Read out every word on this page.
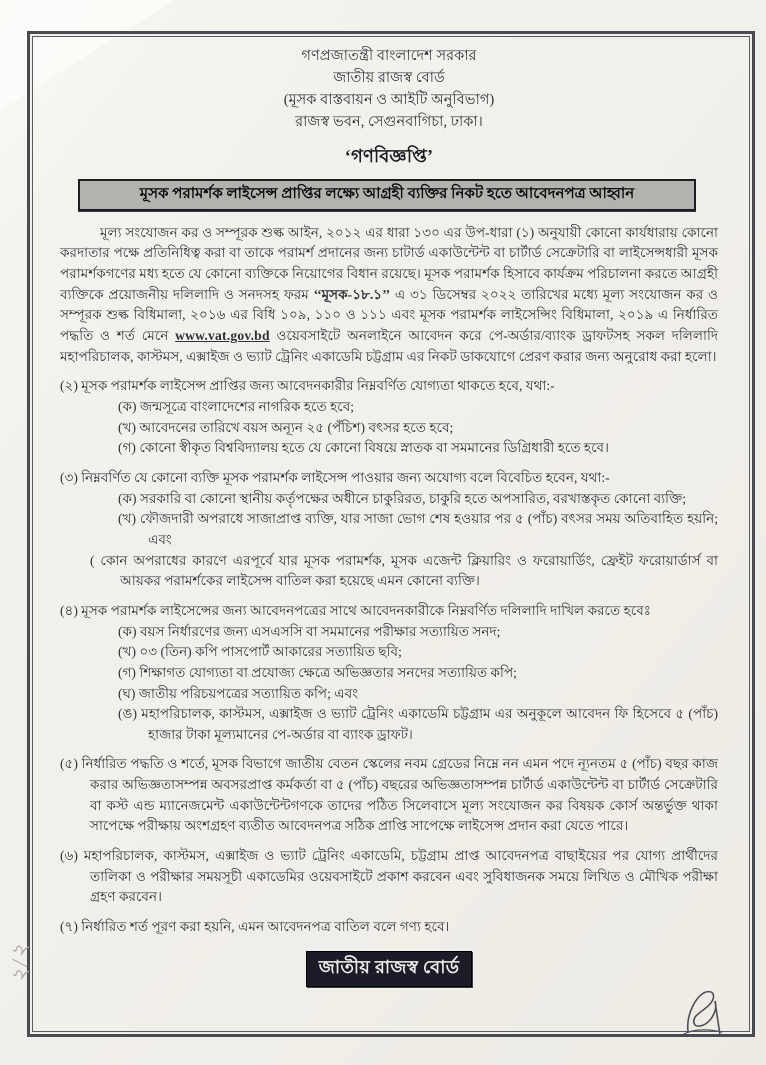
২/২
গণপ্রজাতন্ত্রী বাংলাদেশ সরকার
জাতীয় রাজস্ব বোর্ড
(মূসক বাস্তবায়ন ও আইটি অনুবিভাগ)
রাজস্ব ভবন, সেগুনবাগিচা, ঢাকা।
‘গণবিজ্ঞপ্তি’
মূসক পরামর্শক লাইসেন্স প্রাপ্তির লক্ষ্যে আগ্রহী ব্যক্তির নিকট হতে আবেদনপত্র আহ্বান

মূল্য সংযোজন কর ও সম্পূরক শুল্ক আইন, ২০১২ এর ধারা ১৩০ এর উপ-ধারা (১) অনুযায়ী কোনো কার্যধারায় কোনো করদাতার পক্ষে প্রতিনিধিত্ব করা বা তাকে পরামর্শ প্রদানের জন্য চাটার্ড একাউন্টেন্ট বা চার্টার্ড সেক্রেটারি বা লাইসেন্সধারী মূসক পরামর্শকগণের মধ্য হতে যে কোনো ব্যক্তিকে নিয়োগের বিধান রয়েছে। মূসক পরামর্শক হিসাবে কার্যক্রম পরিচালনা করতে আগ্রহী ব্যক্তিকে প্রয়োজনীয় দলিলাদি ও সনদসহ ফরম ‘‘মূসক-১৮.১’’ এ ৩১ ডিসেম্বর ২০২২ তারিখের মধ্যে মূল্য সংযোজন কর ও সম্পূরক শুল্ক বিধিমালা, ২০১৬ এর বিধি ১০৯, ১১০ ও ১১১ এবং মূসক পরামর্শক লাইসেন্সিং বিধিমালা, ২০১৯ এ নির্ধারিত পদ্ধতি ও শর্ত মেনে www.vat.gov.bd ওয়েবসাইটে অনলাইনে আবেদন করে পে-অর্ডার/ব্যাংক ড্রাফটসহ সকল দলিলাদি মহাপরিচালক, কাস্টমস, এক্সাইজ ও ভ্যাট ট্রেনিং একাডেমি চট্টগ্রাম এর নিকট ডাকযোগে প্রেরণ করার জন্য অনুরোধ করা হলো।

(২) মূসক পরামর্শক লাইসেন্স প্রাপ্তির জন্য আবেদনকারীর নিম্নবর্ণিত যোগ্যতা থাকতে হবে, যথা:-
(ক) জন্মসূত্রে বাংলাদেশের নাগরিক হতে হবে;
(খ) আবেদনের তারিখে বয়স অন্যূন ২৫ (পঁচিশ) বৎসর হতে হবে;
(গ) কোনো স্বীকৃত বিশ্ববিদ্যালয় হতে যে কোনো বিষয়ে স্নাতক বা সমমানের ডিগ্রিধারী হতে হবে।
(৩) নিম্নবর্ণিত যে কোনো ব্যক্তি মূসক পরামর্শক লাইসেন্স পাওয়ার জন্য অযোগ্য বলে বিবেচিত হবেন, যথা:-
(ক) সরকারি বা কোনো স্থানীয় কর্তৃপক্ষের অধীনে চাকুরিরত, চাকুরি হতে অপসারিত, বরখাস্তকৃত কোনো ব্যক্তি;
(খ) ফৌজদারী অপরাধে সাজাপ্রাপ্ত ব্যক্তি, যার সাজা ভোগ শেষ হওয়ার পর ৫ (পাঁচ) বৎসর সময় অতিবাহিত হয়নি; এবং
( কোন অপরাধের কারণে এরপূর্বে যার মূসক পরামর্শক, মূসক এজেন্ট ক্লিয়ারিং ও ফরোয়ার্ডিং, ফ্রেইট ফরোয়ার্ডার্স বা আয়কর পরামর্শকের লাইসেন্স বাতিল করা হয়েছে এমন কোনো ব্যক্তি।
(৪) মূসক পরামর্শক লাইসেন্সের জন্য আবেদনপত্রের সাথে আবেদনকারীকে নিম্নবর্ণিত দলিলাদি দাখিল করতে হবেঃ
(ক) বয়স নির্ধারণের জন্য এসএসসি বা সমমানের পরীক্ষার সত্যায়িত সনদ;
(খ) ০৩ (তিন) কপি পাসপোর্ট আকারের সত্যায়িত ছবি;
(গ) শিক্ষাগত যোগ্যতা বা প্রযোজ্য ক্ষেত্রে অভিজ্ঞতার সনদের সত্যায়িত কপি;
(ঘ) জাতীয় পরিচয়পত্রের সত্যায়িত কপি; এবং
(ঙ) মহাপরিচালক, কাস্টমস, এক্সাইজ ও ভ্যাট ট্রেনিং একাডেমি চট্টগ্রাম এর অনুকূলে আবেদন ফি হিসেবে ৫ (পাঁচ) হাজার টাকা মূল্যমানের পে-অর্ডার বা ব্যাংক ড্রাফট।
(৫) নির্ধারিত পদ্ধতি ও শর্তে, মূসক বিভাগে জাতীয় বেতন স্কেলের নবম গ্রেডের নিম্নে নন এমন পদে ন্যূনতম ৫ (পাঁচ) বছর কাজ করার অভিজ্ঞতাসম্পন্ন অবসরপ্রাপ্ত কর্মকর্তা বা ৫ (পাঁচ) বছরের অভিজ্ঞতাসম্পন্ন চার্টার্ড একাউন্টেন্ট বা চার্টার্ড সেক্রেটারি বা কস্ট এন্ড ম্যানেজমেন্ট একাউন্টেন্টগণকে তাদের পঠিত সিলেবাসে মূল্য সংযোজন কর বিষয়ক কোর্স অন্তর্ভুক্ত থাকা সাপেক্ষে পরীক্ষায় অংশগ্রহণ ব্যতীত আবেদনপত্র সঠিক প্রাপ্তি সাপেক্ষে লাইসেন্স প্রদান করা যেতে পারে।
(৬) মহাপরিচালক, কাস্টমস, এক্সাইজ ও ভ্যাট ট্রেনিং একাডেমি, চট্টগ্রাম প্রাপ্ত আবেদনপত্র বাছাইয়ের পর যোগ্য প্রার্থীদের তালিকা ও পরীক্ষার সময়সূচী একাডেমির ওয়েবসাইটে প্রকাশ করবেন এবং সুবিধাজনক সময়ে লিখিত ও মৌখিক পরীক্ষা গ্রহণ করবেন।
(৭) নির্ধারিত শর্ত পূরণ করা হয়নি, এমন আবেদনপত্র বাতিল বলে গণ্য হবে।
জাতীয় রাজস্ব বোর্ড
